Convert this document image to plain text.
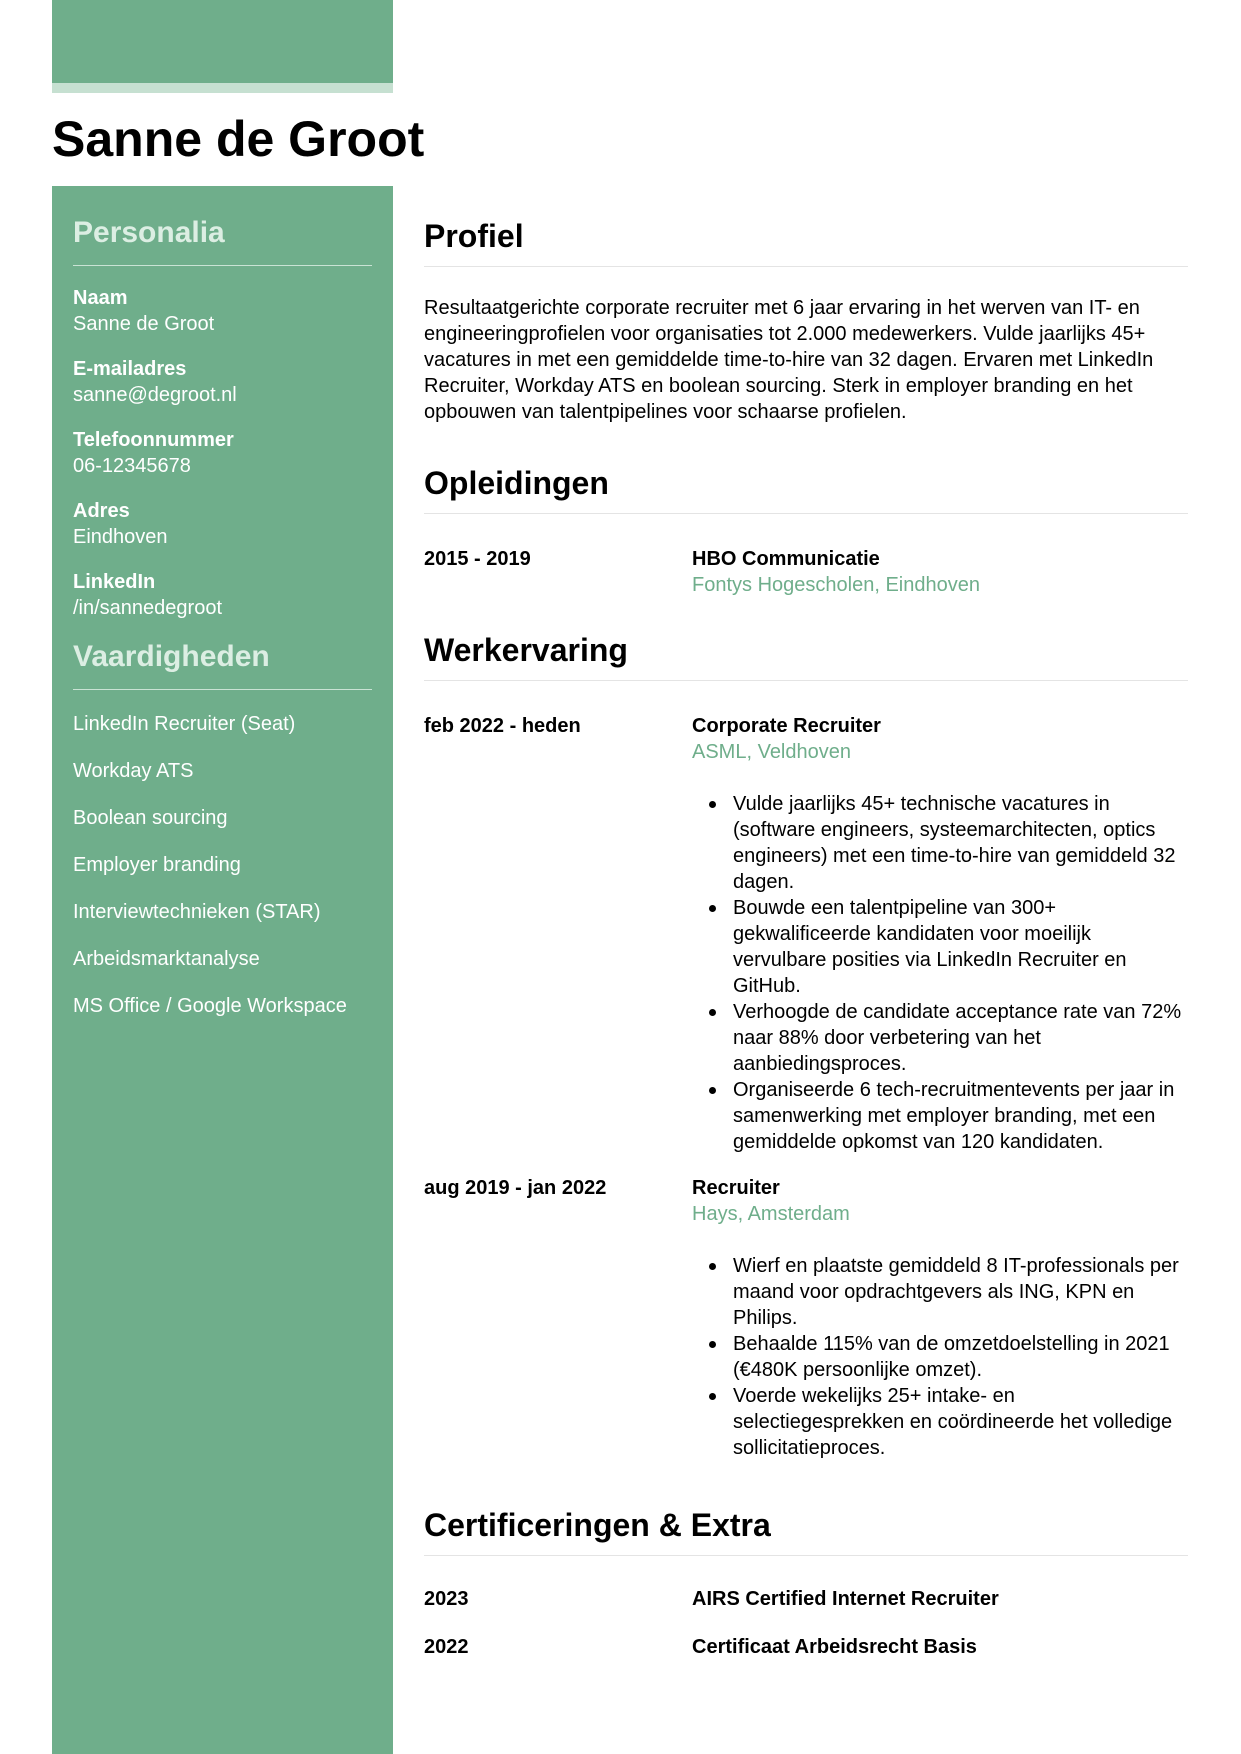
Sanne de Groot
Personalia
Naam
Sanne de Groot
E-mailadres
sanne@degroot.nl
Telefoonnummer
06-12345678
Adres
Eindhoven
LinkedIn
/in/sannedegroot
Vaardigheden
LinkedIn Recruiter (Seat)
Workday ATS
Boolean sourcing
Employer branding
Interviewtechnieken (STAR)
Arbeidsmarktanalyse
MS Office / Google Workspace
Profiel

Resultaatgerichte corporate recruiter met 6 jaar ervaring in het werven van IT- en engineeringprofielen voor organisaties tot 2.000 medewerkers. Vulde jaarlijks 45+ vacatures in met een gemiddelde time-to-hire van 32 dagen. Ervaren met LinkedIn Recruiter, Workday ATS en boolean sourcing. Sterk in employer branding en het opbouwen van talentpipelines voor schaarse profielen.

Opleidingen
2015 - 2019	HBO Communicatie
Fontys Hogescholen, Eindhoven
Werkervaring
feb 2022 - heden	Corporate Recruiter
ASML, Veldhoven
Vulde jaarlijks 45+ technische vacatures in (software engineers, systeemarchitecten, optics engineers) met een time-to-hire van gemiddeld 32 dagen.
Bouwde een talentpipeline van 300+ gekwalificeerde kandidaten voor moeilijk vervulbare posities via LinkedIn Recruiter en GitHub.
Verhoogde de candidate acceptance rate van 72% naar 88% door verbetering van het aanbiedingsproces.
Organiseerde 6 tech-recruitmentevents per jaar in samenwerking met employer branding, met een gemiddelde opkomst van 120 kandidaten.
aug 2019 - jan 2022	Recruiter
Hays, Amsterdam
Wierf en plaatste gemiddeld 8 IT-professionals per maand voor opdrachtgevers als ING, KPN en Philips.
Behaalde 115% van de omzetdoelstelling in 2021 (€480K persoonlijke omzet).
Voerde wekelijks 25+ intake- en selectiegesprekken en coördineerde het volledige sollicitatieproces.
Certificeringen & Extra
2023	AIRS Certified Internet Recruiter
2022	Certificaat Arbeidsrecht Basis
